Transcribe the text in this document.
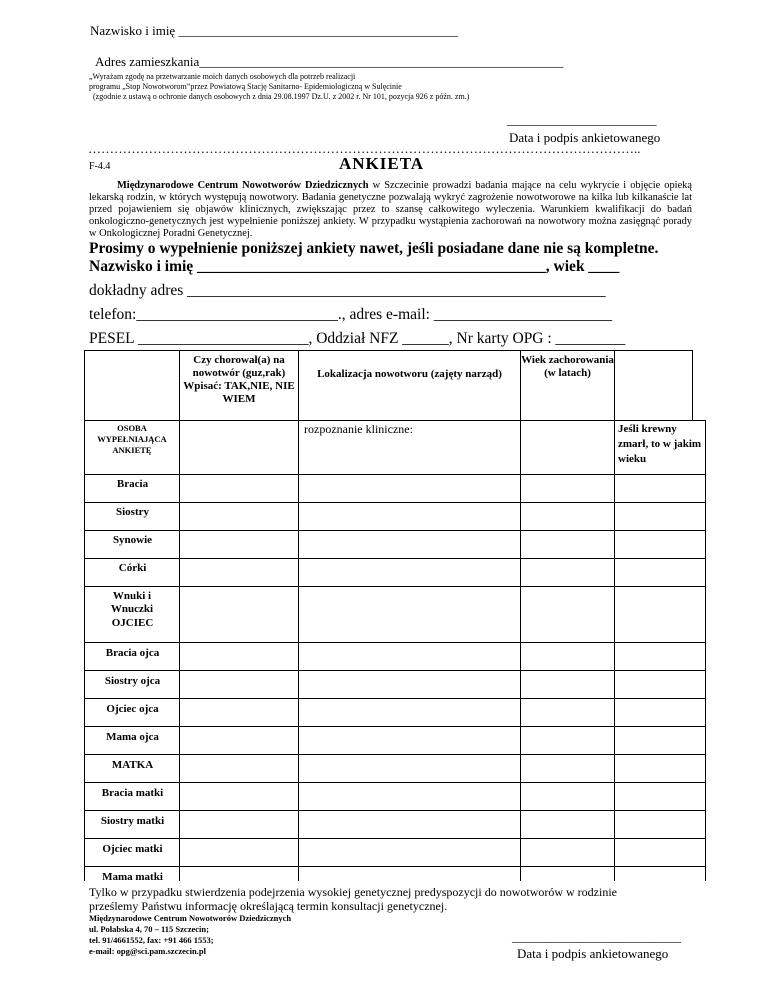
Nazwisko i imię ___________________________________________
Adres zamieszkania________________________________________________________
„Wyrażam zgodę na przetwarzanie moich danych osobowych dla potrzeb realizacji
programu „Stop Nowotworom”przez Powiatową Stację Sanitarno- Epidemiologiczną w Sulęcinie
(zgodnie z ustawą o ochronie danych osobowych z dnia 29.08.1997 Dz.U. z 2002 r. Nr 101, pozycja 926 z późn. zm.)
_______________________
Data i podpis ankietowanego
………………………………………………………………………………………………………………..
F-4.4	ANKIETA
Międzynarodowe Centrum Nowotworów Dziedzicznych w Szczecinie prowadzi badania mające na celu wykrycie i objęcie opieką lekarską rodzin, w których występują nowotwory. Badania genetyczne pozwalają wykryć zagrożenie nowotworowe na kilka lub kilkanaście lat przed pojawieniem się objawów klinicznych, zwiększając przez to szansę całkowitego wyleczenia. Warunkiem kwalifikacji do badań onkologiczno-genetycznych jest wypełnienie poniższej ankiety. W przypadku wystąpienia zachorowań na nowotwory można zasięgnąć porady w Onkologicznej Poradni Genetycznej.
Prosimy o wypełnienie poniższej ankiety nawet, jeśli posiadane dane nie są kompletne.
Nazwisko i imię _____________________________________________, wiek ____
dokładny adres ______________________________________________________
telefon:__________________________., adres e-mail: _______________________
PESEL ______________________, Oddział NFZ ______, Nr karty OPG : _________
Czy chorował(a) na nowotwór (guz,rak) Wpisać: TAK,NIE, NIE WIEM
Lokalizacja nowotworu (zajęty narząd)
Wiek zachorowania (w latach)
OSOBA WYPEŁNIAJĄCA ANKIETĘ
rozpoznanie kliniczne:	Jeśli krewny zmarł, to w jakim wieku
Bracia
Siostry
Synowie
Córki
Wnuki i Wnuczki
OJCIEC
Bracia ojca
Siostry ojca
Ojciec ojca
Mama ojca
MATKA
Bracia matki
Siostry matki
Ojciec matki
Mama matki
Tylko w przypadku stwierdzenia podejrzenia wysokiej genetycznej predyspozycji do nowotworów w rodzinie
prześlemy Państwu informację określającą termin konsultacji genetycznej.
Międzynarodowe Centrum Nowotworów Dziedzicznych
ul. Połabska 4, 70 – 115 Szczecin;
tel. 91/4661552, fax: +91 466 1553;
e-mail: opg@sci.pam.szczecin.pl
__________________________
Data i podpis ankietowanego
